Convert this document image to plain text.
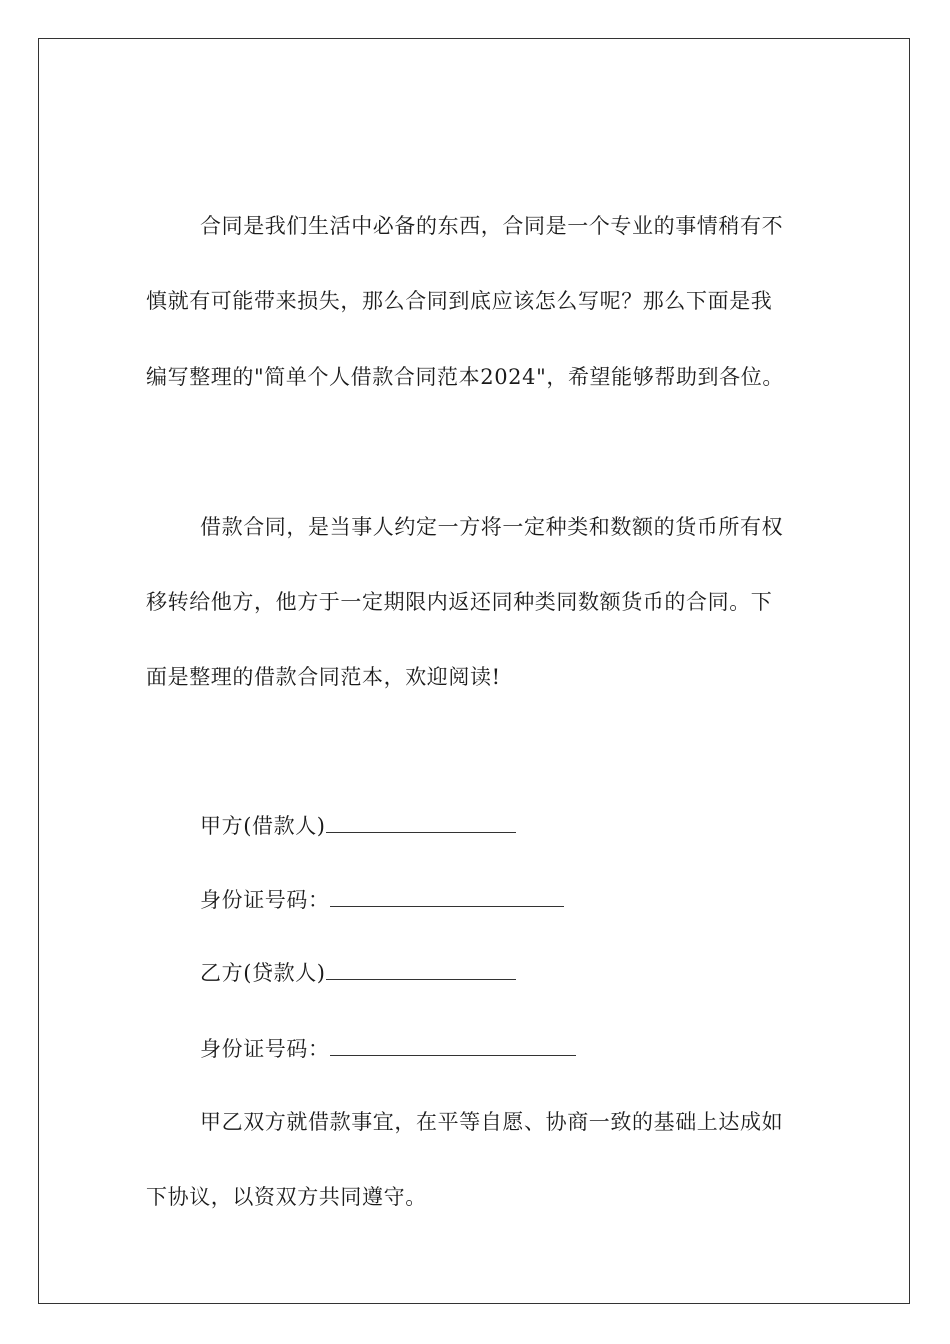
合同是我们生活中必备的东西，合同是一个专业的事情稍有不
慎就有可能带来损失，那么合同到底应该怎么写呢？那么下面是我
编写整理的"简单个人借款合同范本2024"，希望能够帮助到各位。
借款合同，是当事人约定一方将一定种类和数额的货币所有权
移转给他方，他方于一定期限内返还同种类同数额货币的合同。下
面是整理的借款合同范本，欢迎阅读!
甲方(借款人)
身份证号码：
乙方(贷款人)
身份证号码：
甲乙双方就借款事宜，在平等自愿、协商一致的基础上达成如
下协议，以资双方共同遵守。
